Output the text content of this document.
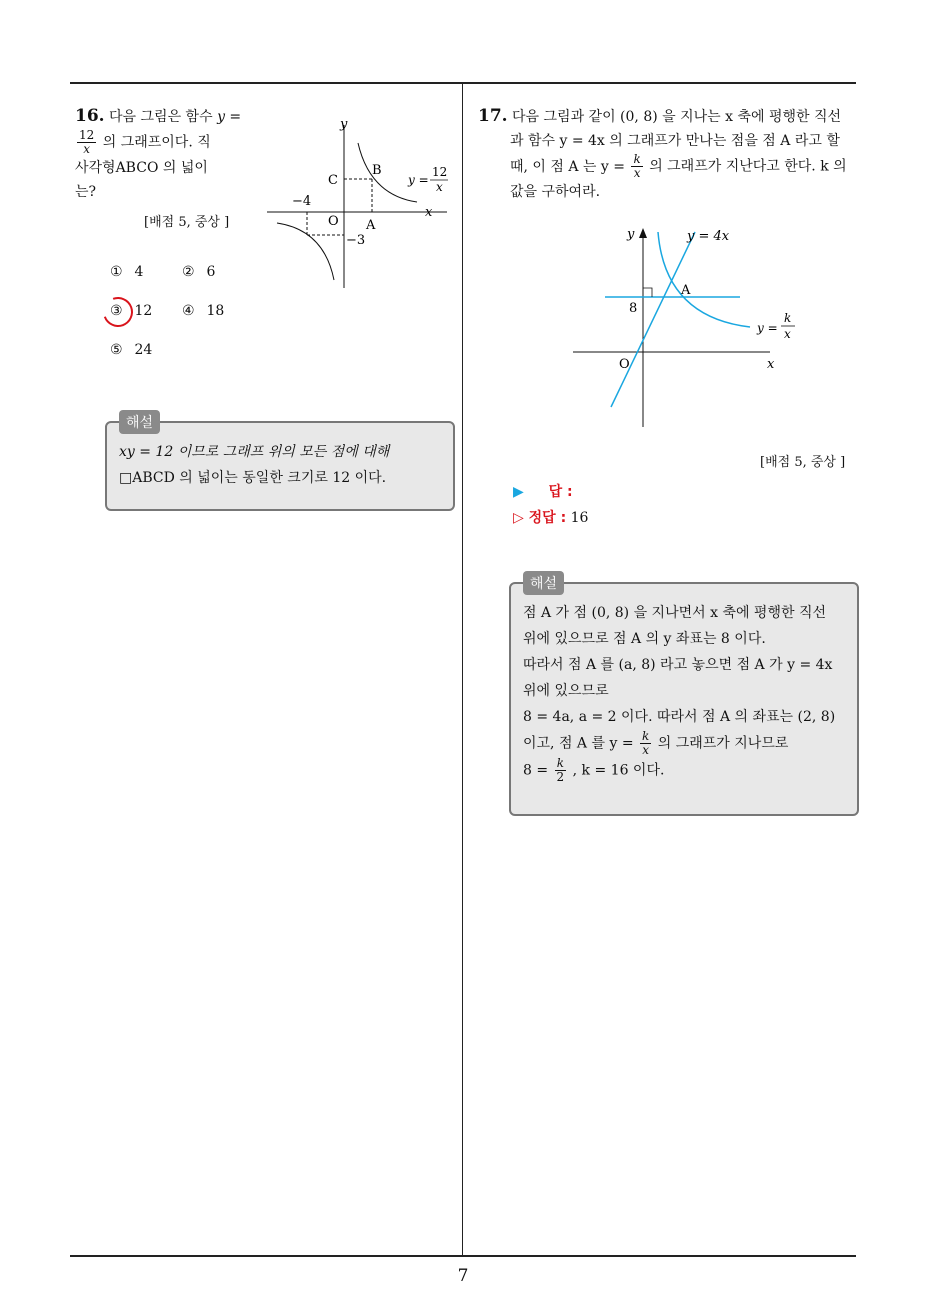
7
16. 다음 그림은 함수 y =

$\frac{12}{x}$ 의 그래프이다. 직
사각형ABCO 의 넓이
는?
[배점 5, 중상 ]
y
x
C
B
O A
−4
−3
y =
12
x
① 4	② 6
③ 12 ④ 18
⑤ 24
xy = 12 이므로 그래프 위의 모든 점에 대해
□ABCD 의 넓이는 동일한 크기로 12 이다.
해설
17. 다음 그림과 같이 (0, 8) 을 지나는 x 축에 평행한 직선
과 함수 y = 4x 의 그래프가 만나는 점을 점 A 라고 할
때, 이 점 A 는 $y = \frac{k}{x}$ 의 그래프가 지난다고 한다. k 의
값을 구하여라.
y
x
y = 4x
A
8
O
y =
k
x
[배점 5, 중상 ]
▶ 답 :
▷ 정답 : 16
점 A 가 점 (0, 8) 을 지나면서 x 축에 평행한 직선
위에 있으므로 점 A 의 y 좌표는 8 이다.
따라서 점 A 를 (a, 8) 라고 놓으면 점 A 가 y = 4x
위에 있으므로
8 = 4a, a = 2 이다. 따라서 점 A 의 좌표는 (2, 8)
이고, 점 A 를 $y = \frac{k}{x}$ 의 그래프가 지나므로
$8 = \frac{k}{2}$ , k = 16 이다.
해설
